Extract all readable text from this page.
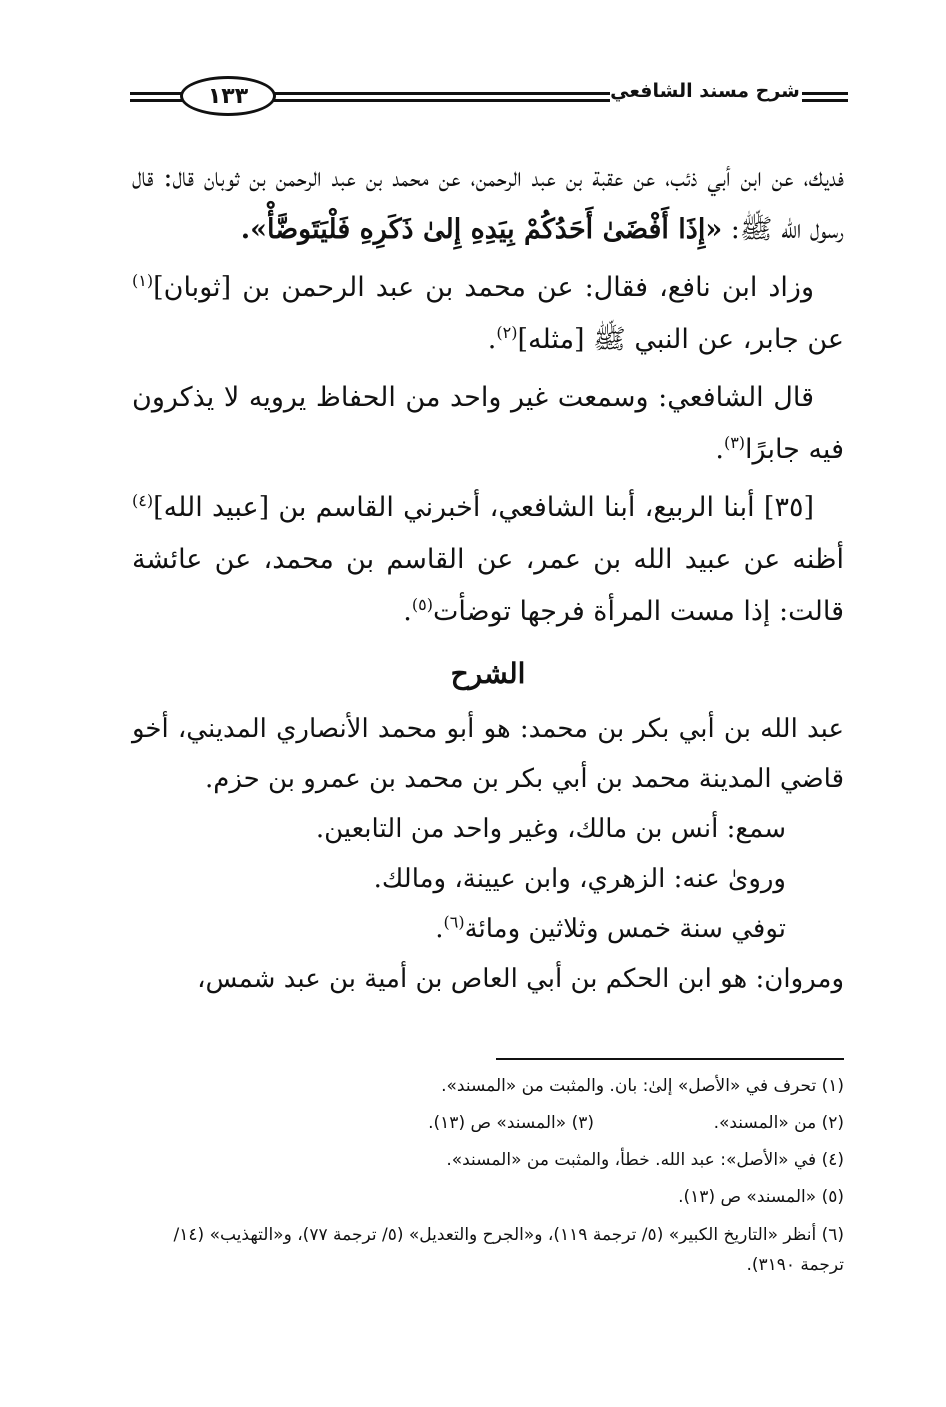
١٣٣	شرح مسند الشافعي

فديك، عن ابن أبي ذئب، عن عقبة بن عبد الرحمن، عن محمد بن عبد الرحمن بن ثوبان قال: قال رسول الله ﷺ: «إِذَا أَفْضَىٰ أَحَدُكُمْ بِيَدِهِ إِلىٰ ذَكَرِهِ فَلْيَتَوضَّأْ».

وزاد ابن نافع، فقال: عن محمد بن عبد الرحمن بن [ثوبان]$^{(١)}$ عن جابر، عن النبي ﷺ [مثله]$^{(٢)}$.

قال الشافعي: وسمعت غير واحد من الحفاظ يرويه لا يذكرون فيه جابرًا$^{(٣)}$.

[٣٥] أبنا الربيع، أبنا الشافعي، أخبرني القاسم بن [عبيد الله]$^{(٤)}$ أظنه عن عبيد الله بن عمر، عن القاسم بن محمد، عن عائشة قالت: إذا مست المرأة فرجها توضأت$^{(٥)}$.

الشرح

عبد الله بن أبي بكر بن محمد: هو أبو محمد الأنصاري المديني، أخو قاضي المدينة محمد بن أبي بكر بن محمد بن عمرو بن حزم.

سمع: أنس بن مالك، وغير واحد من التابعين.

وروىٰ عنه: الزهري، وابن عيينة، ومالك.

توفي سنة خمس وثلاثين ومائة$^{(٦)}$.

ومروان: هو ابن الحكم بن أبي العاص بن أمية بن عبد شمس،

(١) تحرف في «الأصل» إلىٰ: بان. والمثبت من «المسند».

(٢) من «المسند».
(٣) «المسند» ص (١٣).

(٤) في «الأصل»: عبد الله. خطأ، والمثبت من «المسند».

(٥) «المسند» ص (١٣).

(٦) أنظر «التاريخ الكبير» (٥/ ترجمة ١١٩)، و«الجرح والتعديل» (٥/ ترجمة ٧٧)، و«التهذيب» (١٤/ ترجمة ٣١٩٠).
